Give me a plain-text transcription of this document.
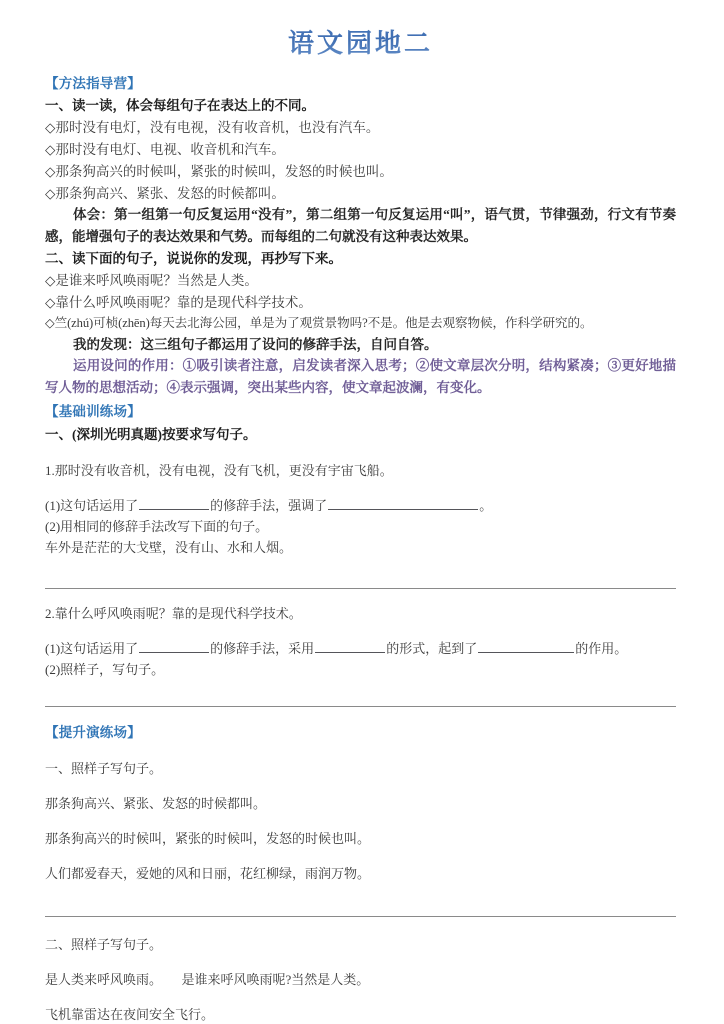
语文园地二
【方法指导营】

一、读一读，体会每组句子在表达上的不同。

◇那时没有电灯，没有电视，没有收音机，也没有汽车。

◇那时没有电灯、电视、收音机和汽车。

◇那条狗高兴的时候叫，紧张的时候叫，发怒的时候也叫。

◇那条狗高兴、紧张、发怒的时候都叫。

体会：第一组第一句反复运用“没有”，第二组第一句反复运用“叫”，语气贯，节律强劲，行文有节奏感，能增强句子的表达效果和气势。而每组的二句就没有这种表达效果。

二、读下面的句子，说说你的发现，再抄写下来。

◇是谁来呼风唤雨呢？当然是人类。

◇靠什么呼风唤雨呢？靠的是现代科学技术。

◇竺(zhú)可桢(zhēn)每天去北海公园，单是为了观赏景物吗?不是。他是去观察物候，作科学研究的。

我的发现：这三组句子都运用了设问的修辞手法，自问自答。

运用设问的作用：①吸引读者注意，启发读者深入思考；②使文章层次分明，结构紧凑；③更好地描写人物的思想活动；④表示强调，突出某些内容，使文章起波澜，有变化。

【基础训练场】

一、(深圳光明真题)按要求写句子。

1.那时没有收音机，没有电视，没有飞机，更没有宇宙飞船。

(1)这句话运用了	的修辞手法，强调了	。

(2)用相同的修辞手法改写下面的句子。

车外是茫茫的大戈壁，没有山、水和人烟。

2.靠什么呼风唤雨呢？靠的是现代科学技术。

(1)这句话运用了	的修辞手法，采用	的形式，起到了	的作用。

(2)照样子，写句子。

【提升演练场】

一、照样子写句子。

那条狗高兴、紧张、发怒的时候都叫。

那条狗高兴的时候叫，紧张的时候叫，发怒的时候也叫。

人们都爱春天，爱她的风和日丽，花红柳绿，雨润万物。

二、照样子写句子。

是人类来呼风唤雨。　　是谁来呼风唤雨呢?当然是人类。

飞机靠雷达在夜间安全飞行。
